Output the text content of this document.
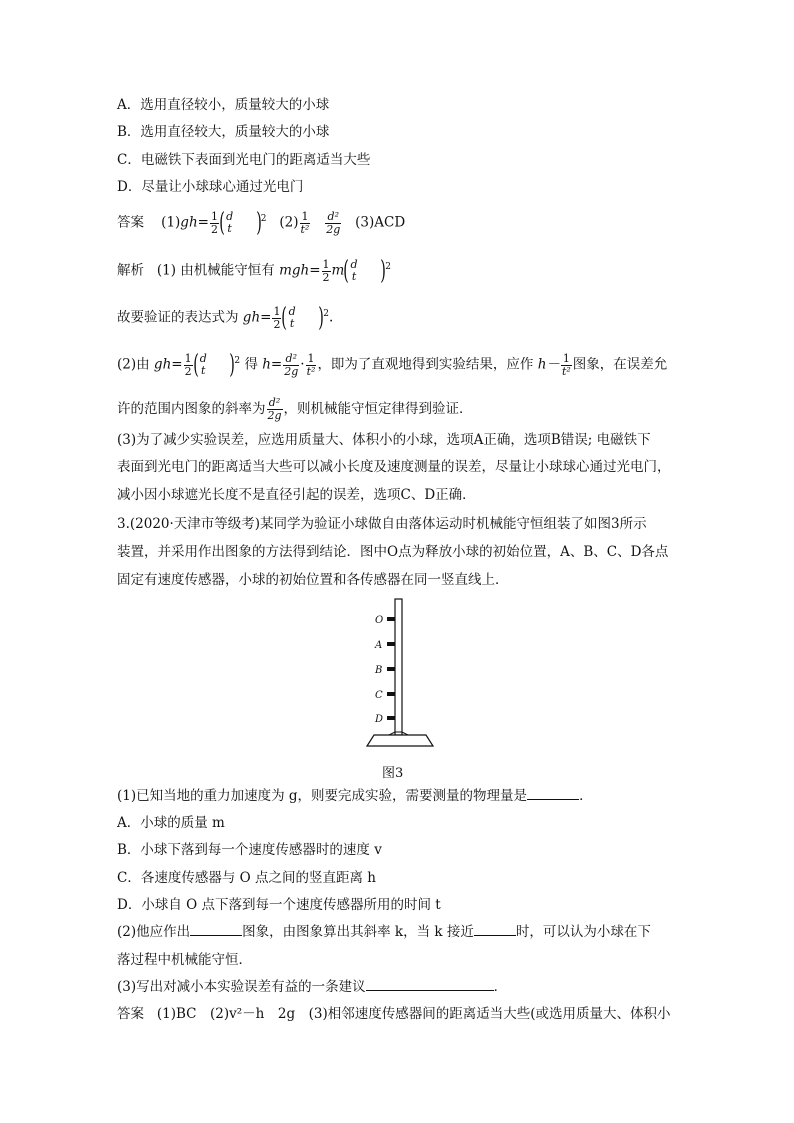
A．选用直径较小，质量较大的小球
B．选用直径较大，质量较大的小球
C．电磁铁下表面到光电门的距离适当大些
D．尽量让小球球心通过光电门
答案 $(1)gh= \frac{1}{2}$ ( d
t )$^2$ $(2) \frac{1}{\text{t²}}$
$\frac{\text{d²}}{2g} (3)ACD$
解析 (1) 由机械能守恒有 $mgh= \frac{1}{2} m$( d
t )$^2$
故要验证的表达式为 $gh= \frac{1}{2}$ ( d
t )$^2$.
(2)由 $gh= \frac{1}{2}$ ( d
t )$^2$ 得 $h= \frac{\text{d²}}{2g} \cdot \frac{1}{\text{t²}}$ ，即为了直观地得到实验结果，应作 $h- \frac{1}{\text{t²}}$ 图象，在误差允
许的范围内图象的斜率为 $\frac{\text{d²}}{2g}$ ，则机械能守恒定律得到验证．
(3)为了减少实验误差，应选用质量大、体积小的小球，选项A正确，选项B错误; 电磁铁下
表面到光电门的距离适当大些可以减小长度及速度测量的误差，尽量让小球球心通过光电门，
减小因小球遮光长度不是直径引起的误差，选项C、D正确．
3.(2020·天津市等级考)某同学为验证小球做自由落体运动时机械能守恒组装了如图3所示
装置，并采用作出图象的方法得到结论．图中O点为释放小球的初始位置，A、B、C、D各点
固定有速度传感器，小球的初始位置和各传感器在同一竖直线上．
O
A
B
C
D
图3
(1)已知当地的重力加速度为 g，则要完成实验，需要测量的物理量是	．
A．小球的质量 m
B．小球下落到每一个速度传感器时的速度 v
C．各速度传感器与 O 点之间的竖直距离 h
D．小球自 O 点下落到每一个速度传感器所用的时间 t
(2)他应作出	图象，由图象算出其斜率 k，当 k 接近	时，可以认为小球在下
落过程中机械能守恒．
(3)写出对减小本实验误差有益的一条建议	．
答案 (1)BC　(2)v²－h　2g　(3)相邻速度传感器间的距离适当大些(或选用质量大、体积小
